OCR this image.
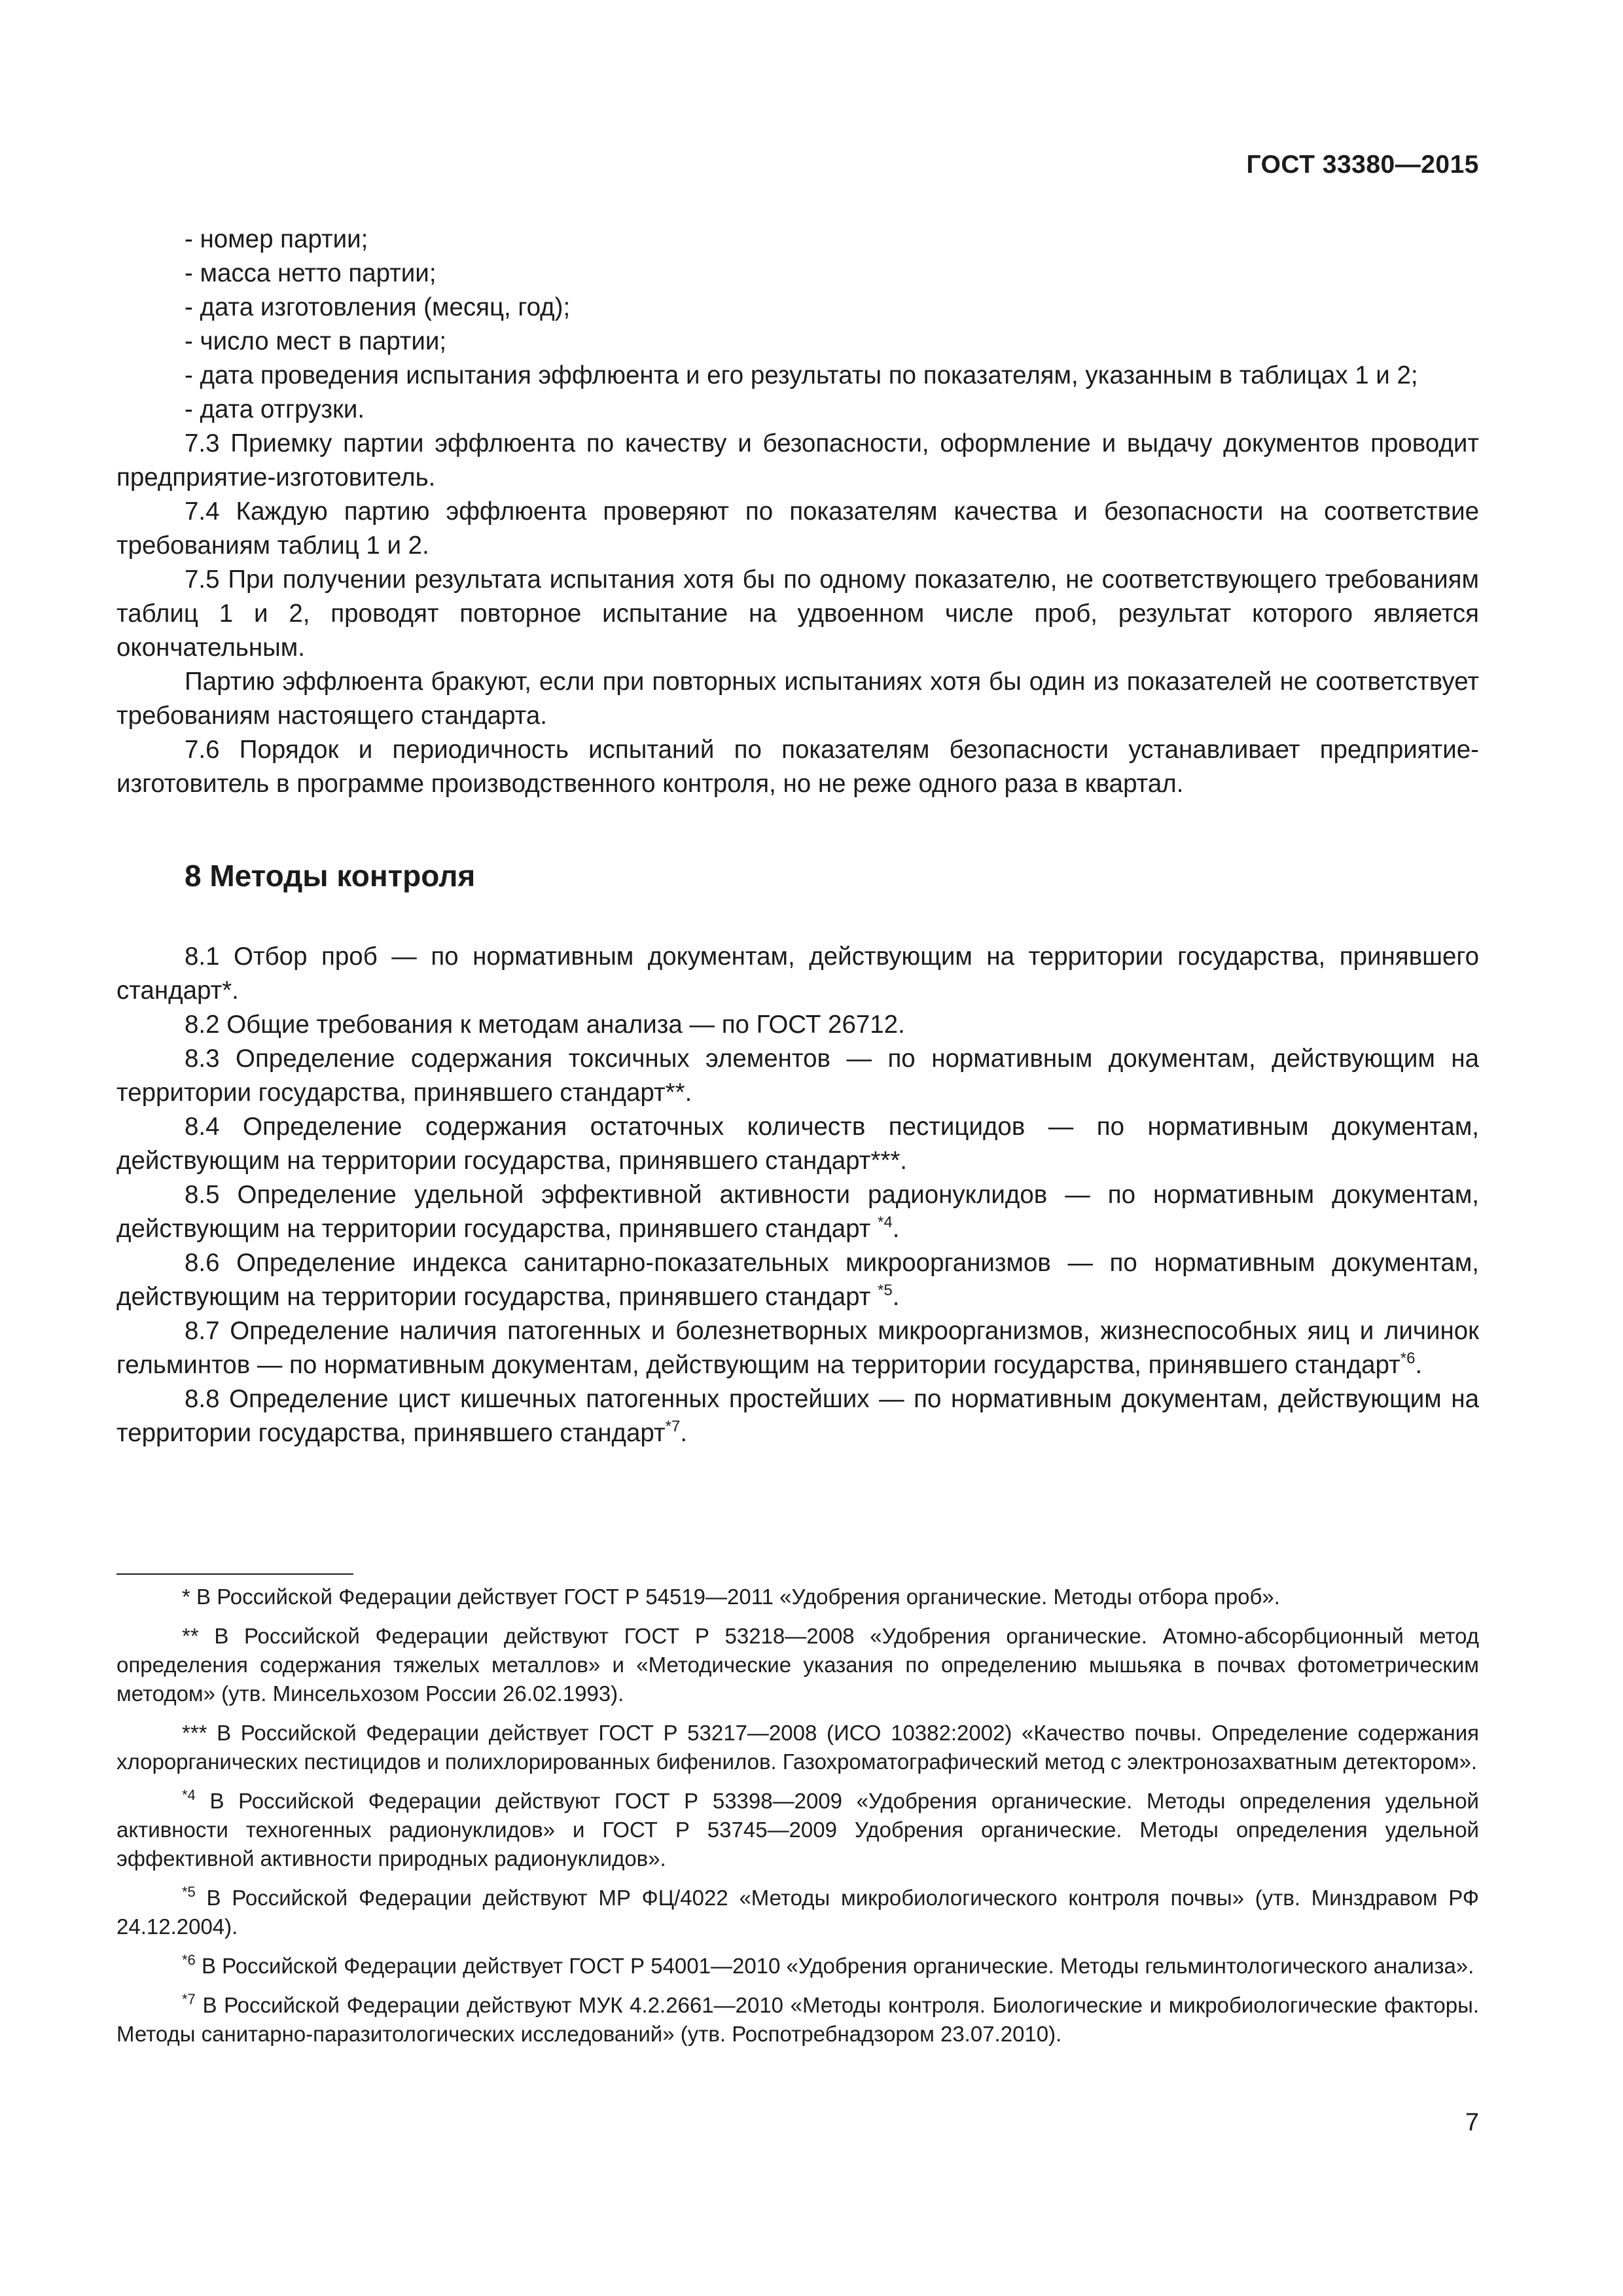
ГОСТ 33380—2015

- номер партии;

- масса нетто партии;

- дата изготовления (месяц, год);

- число мест в партии;

- дата проведения испытания эффлюента и его результаты по показателям, указанным в таблицах 1 и 2;

- дата отгрузки.

7.3 Приемку партии эффлюента по качеству и безопасности, оформление и выдачу документов проводит предприятие-изготовитель.

7.4 Каждую партию эффлюента проверяют по показателям качества и безопасности на соответствие требованиям таблиц 1 и 2.

7.5 При получении результата испытания хотя бы по одному показателю, не соответствующего требованиям таблиц 1 и 2, проводят повторное испытание на удвоенном числе проб, результат которого является окончательным.

Партию эффлюента бракуют, если при повторных испытаниях хотя бы один из показателей не соответствует требованиям настоящего стандарта.

7.6 Порядок и периодичность испытаний по показателям безопасности устанавливает предприятие-изготовитель в программе производственного контроля, но не реже одного раза в квартал.

8 Методы контроля

8.1 Отбор проб — по нормативным документам, действующим на территории государства, принявшего стандарт*.

8.2 Общие требования к методам анализа — по ГОСТ 26712.

8.3 Определение содержания токсичных элементов — по нормативным документам, действующим на территории государства, принявшего стандарт**.

8.4 Определение содержания остаточных количеств пестицидов — по нормативным документам, действующим на территории государства, принявшего стандарт***.

8.5 Определение удельной эффективной активности радионуклидов — по нормативным документам, действующим на территории государства, принявшего стандарт $^{*4}$.

8.6 Определение индекса санитарно-показательных микроорганизмов — по нормативным документам, действующим на территории государства, принявшего стандарт $^{*5}$.

8.7 Определение наличия патогенных и болезнетворных микроорганизмов, жизнеспособных яиц и личинок гельминтов — по нормативным документам, действующим на территории государства, принявшего стандарт$^{*6}$.

8.8 Определение цист кишечных патогенных простейших — по нормативным документам, действующим на территории государства, принявшего стандарт$^{*7}$.

* В Российской Федерации действует ГОСТ Р 54519—2011 «Удобрения органические. Методы отбора проб».

** В Российской Федерации действуют ГОСТ Р 53218—2008 «Удобрения органические. Атомно-абсорбционный метод определения содержания тяжелых металлов» и «Методические указания по определению мышьяка в почвах фотометрическим методом» (утв. Минсельхозом России 26.02.1993).

*** В Российской Федерации действует ГОСТ Р 53217—2008 (ИСО 10382:2002) «Качество почвы. Определение содержания хлорорганических пестицидов и полихлорированных бифенилов. Газохроматографический метод с электронозахватным детектором».

$^{*4}$ В Российской Федерации действуют ГОСТ Р 53398—2009 «Удобрения органические. Методы определения удельной активности техногенных радионуклидов» и ГОСТ Р 53745—2009 Удобрения органические. Методы определения удельной эффективной активности природных радионуклидов».

$^{*5}$ В Российской Федерации действуют МР ФЦ/4022 «Методы микробиологического контроля почвы» (утв. Минздравом РФ 24.12.2004).

$^{*6}$ В Российской Федерации действует ГОСТ Р 54001—2010 «Удобрения органические. Методы гельминтологического анализа».

$^{*7}$ В Российской Федерации действуют МУК 4.2.2661—2010 «Методы контроля. Биологические и микробиологические факторы. Методы санитарно-паразитологических исследований» (утв. Роспотребнадзором 23.07.2010).

7
